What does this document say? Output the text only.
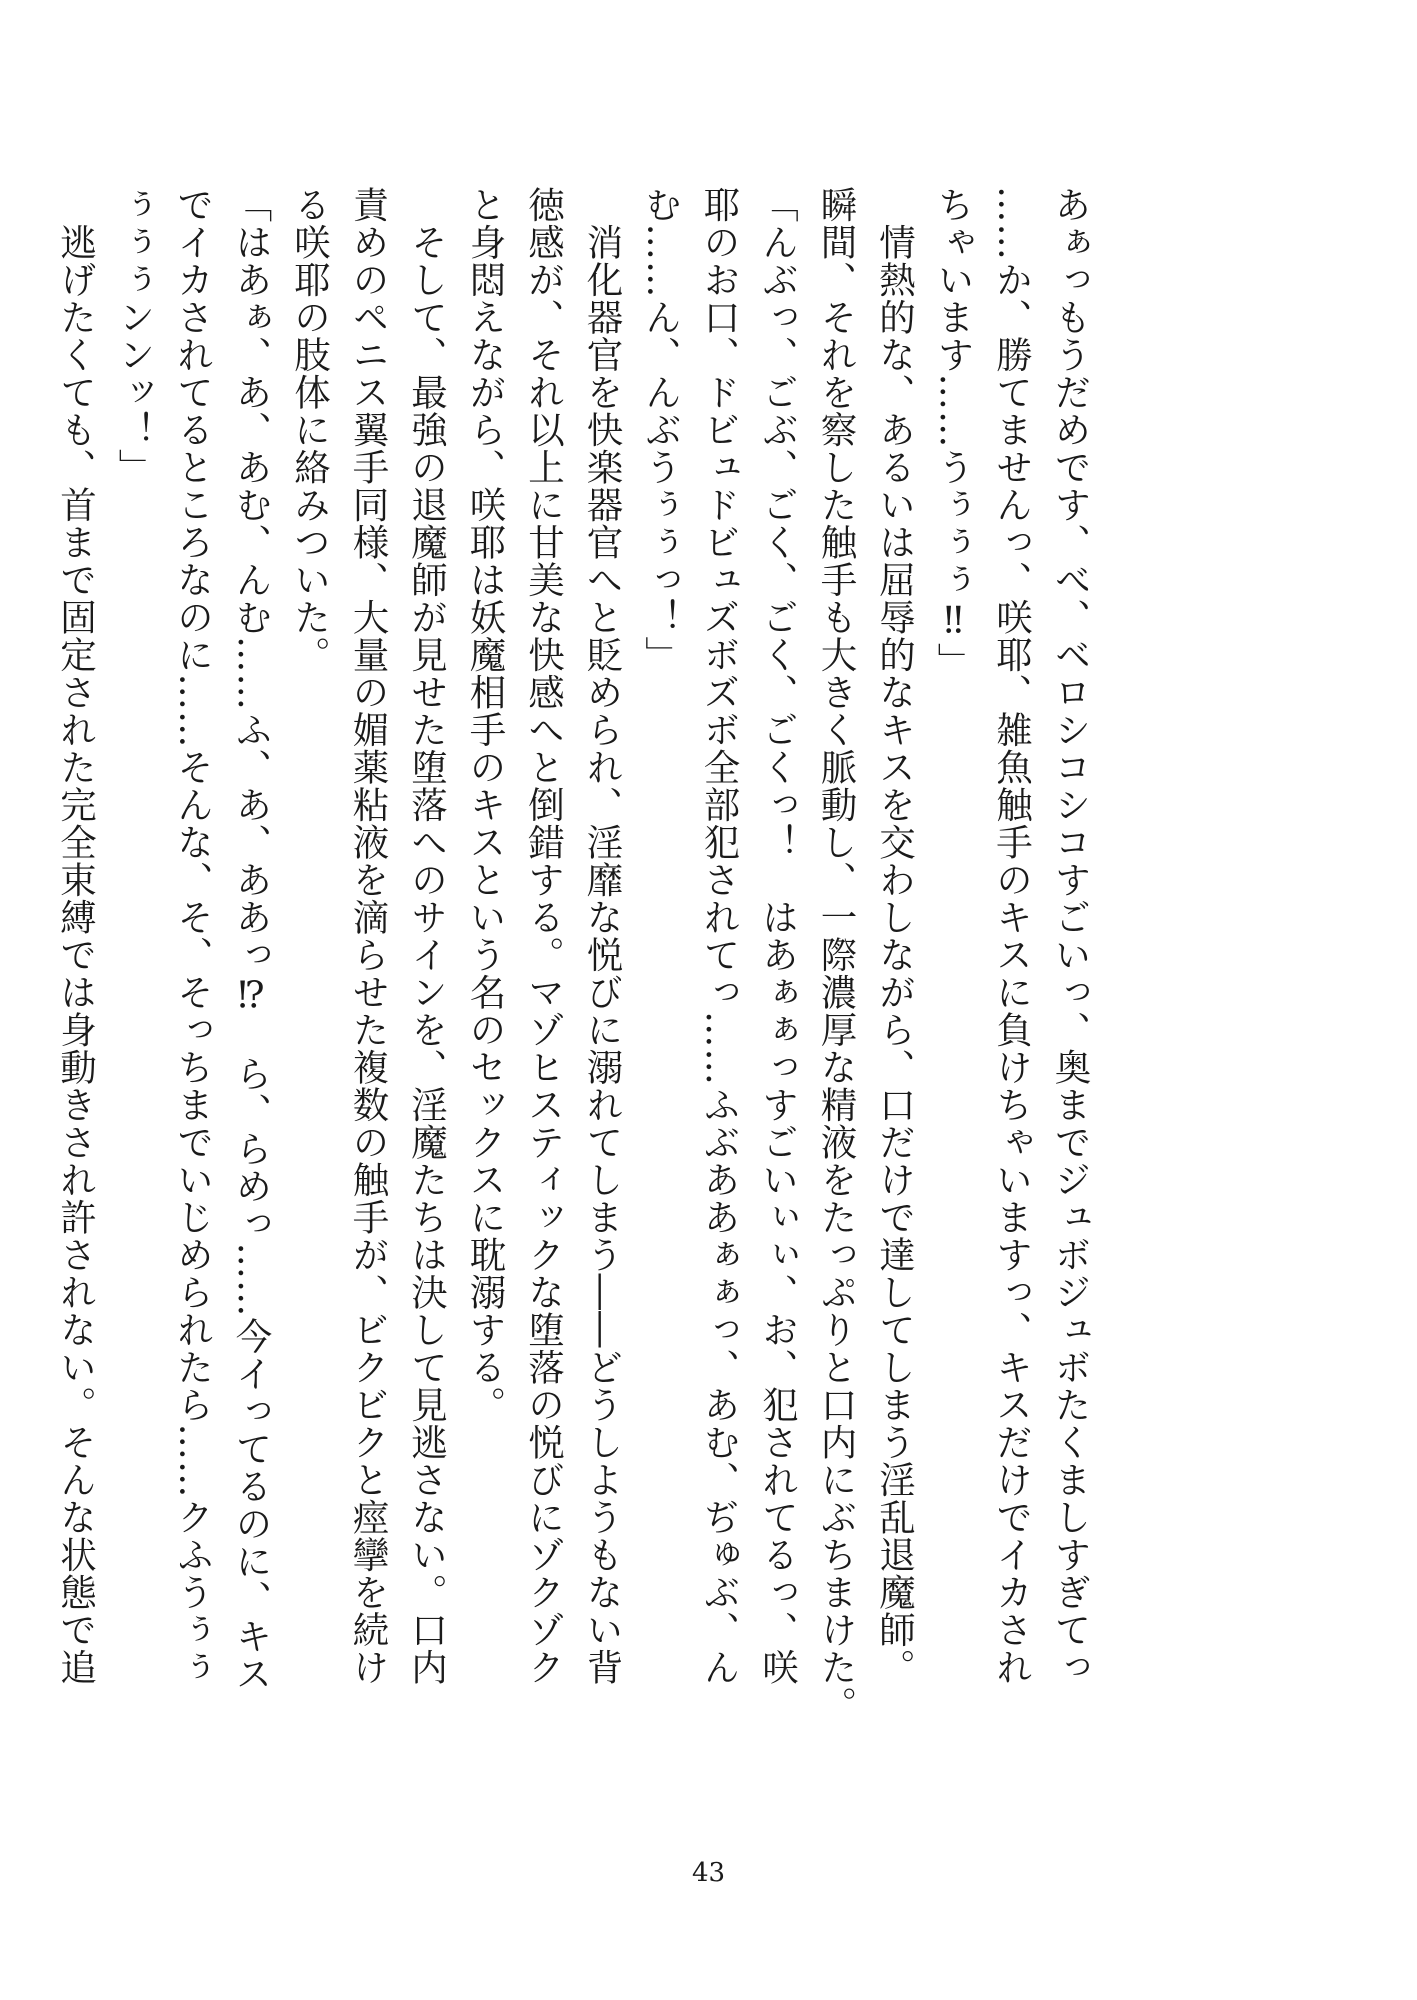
あぁっもうだめです、べ、ベロシコシコすごいっ、奥までジュボジュボたくましすぎてっ

……か、勝てませんっ、咲耶、雑魚触手のキスに負けちゃいますっ、キスだけでイカされ

ちゃいます……うぅぅぅ‼」

　情熱的な、あるいは屈辱的なキスを交わしながら、口だけで達してしまう淫乱退魔師。

瞬間、それを察した触手も大きく脈動し、一際濃厚な精液をたっぷりと口内にぶちまけた。

「んぶっ、ごぶ、ごく、ごく、ごくっ！　はあぁぁっすごいぃぃ、お、犯されてるっ、咲

耶のお口、ドビュドビュズボズボ全部犯されてっ……ふぶああぁぁっ、あむ、ぢゅぶ、ん

む……ん、んぶうぅぅっ！」

　消化器官を快楽器官へと貶められ、淫靡な悦びに溺れてしまう――どうしようもない背

徳感が、それ以上に甘美な快感へと倒錯する。マゾヒスティックな堕落の悦びにゾクゾク

と身悶えながら、咲耶は妖魔相手のキスという名のセックスに耽溺する。

　そして、最強の退魔師が見せた堕落へのサインを、淫魔たちは決して見逃さない。口内

責めのペニス翼手同様、大量の媚薬粘液を滴らせた複数の触手が、ビクビクと痙攣を続け

る咲耶の肢体に絡みついた。

「はあぁ、あ、あむ、んむ……ふ、あ、ああっ⁉　ら、らめっ……今イってるのに、キス

でイカされてるところなのに……そんな、そ、そっちまでいじめられたら……クふうぅぅ

ぅぅぅンンッ！」

　逃げたくても、首まで固定された完全束縛では身動きされ許されない。そんな状態で追

43
